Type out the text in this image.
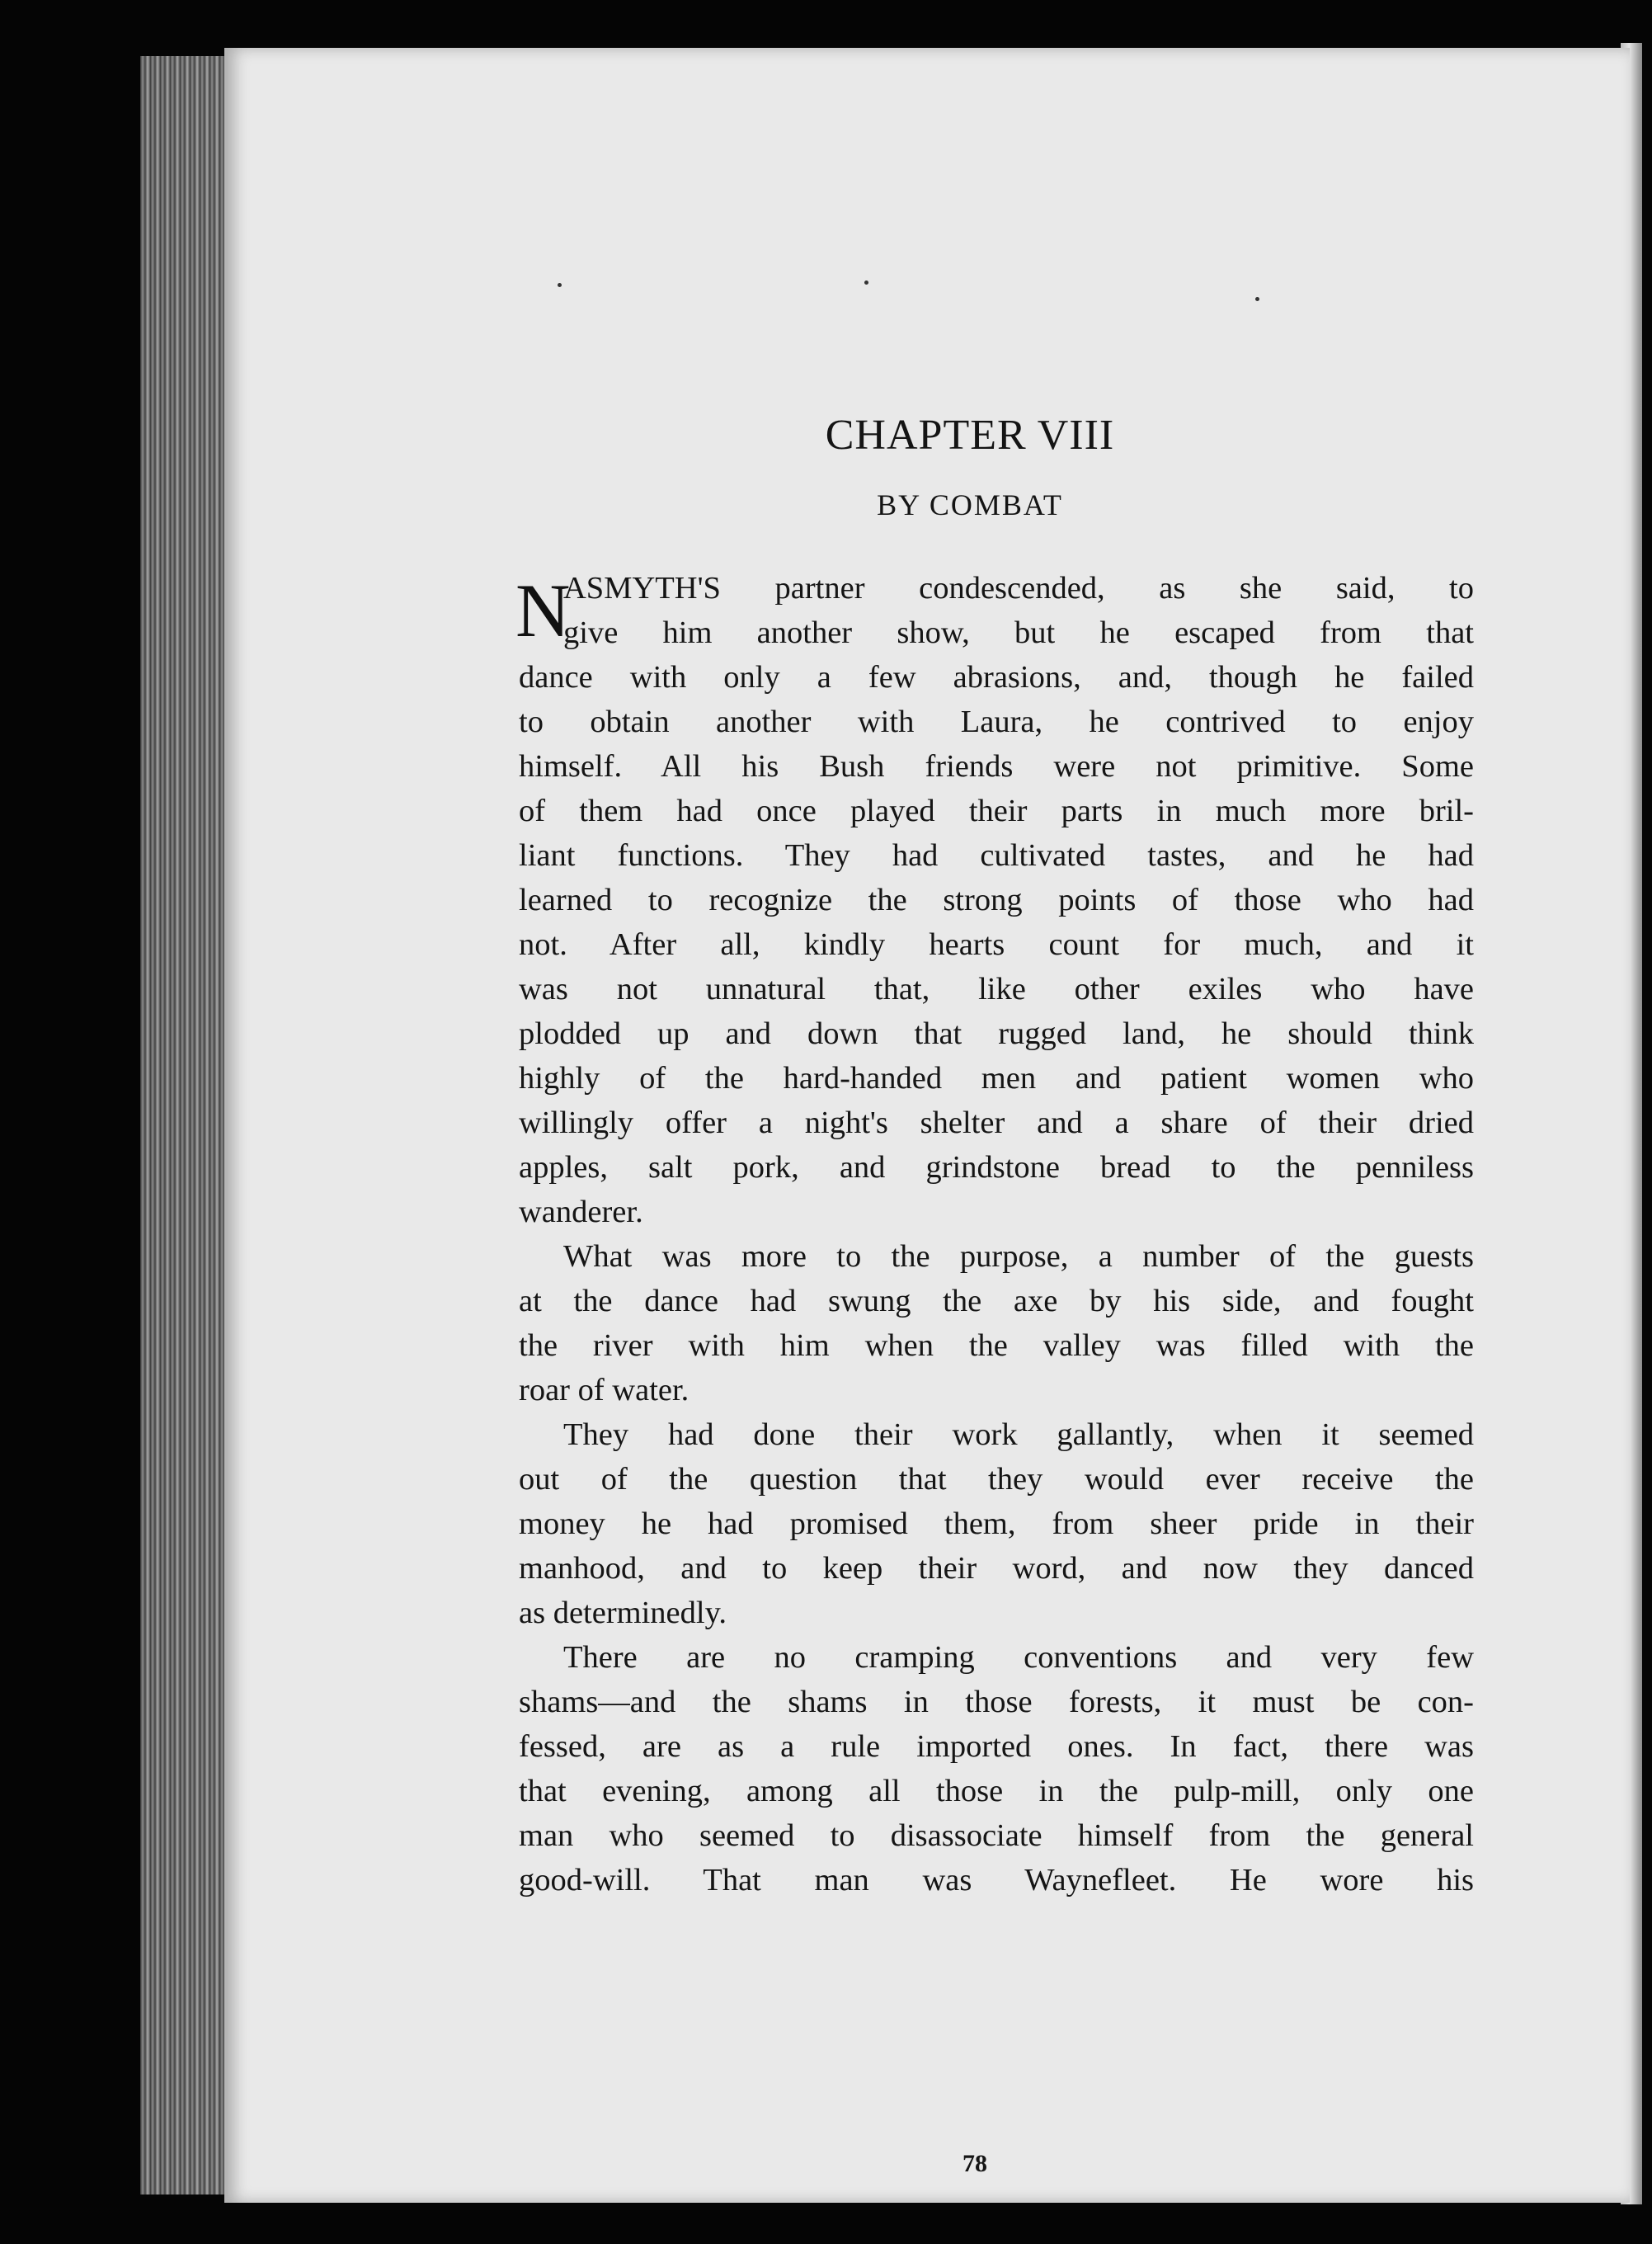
CHAPTER VIII
BY COMBAT
N
ASMYTH'S partner condescended, as she said, to
give him another show, but he escaped from that
dance with only a few abrasions, and, though he failed
to obtain another with Laura, he contrived to enjoy
himself. All his Bush friends were not primitive. Some
of them had once played their parts in much more bril-
liant functions. They had cultivated tastes, and he had
learned to recognize the strong points of those who had
not. After all, kindly hearts count for much, and it
was not unnatural that, like other exiles who have
plodded up and down that rugged land, he should think
highly of the hard-handed men and patient women who
willingly offer a night's shelter and a share of their dried
apples, salt pork, and grindstone bread to the penniless
wanderer.
What was more to the purpose, a number of the guests
at the dance had swung the axe by his side, and fought
the river with him when the valley was filled with the
roar of water.
They had done their work gallantly, when it seemed
out of the question that they would ever receive the
money he had promised them, from sheer pride in their
manhood, and to keep their word, and now they danced
as determinedly.
There are no cramping conventions and very few
shams—and the shams in those forests, it must be con-
fessed, are as a rule imported ones. In fact, there was
that evening, among all those in the pulp-mill, only one
man who seemed to disassociate himself from the general
good-will. That man was Waynefleet. He wore his
78
